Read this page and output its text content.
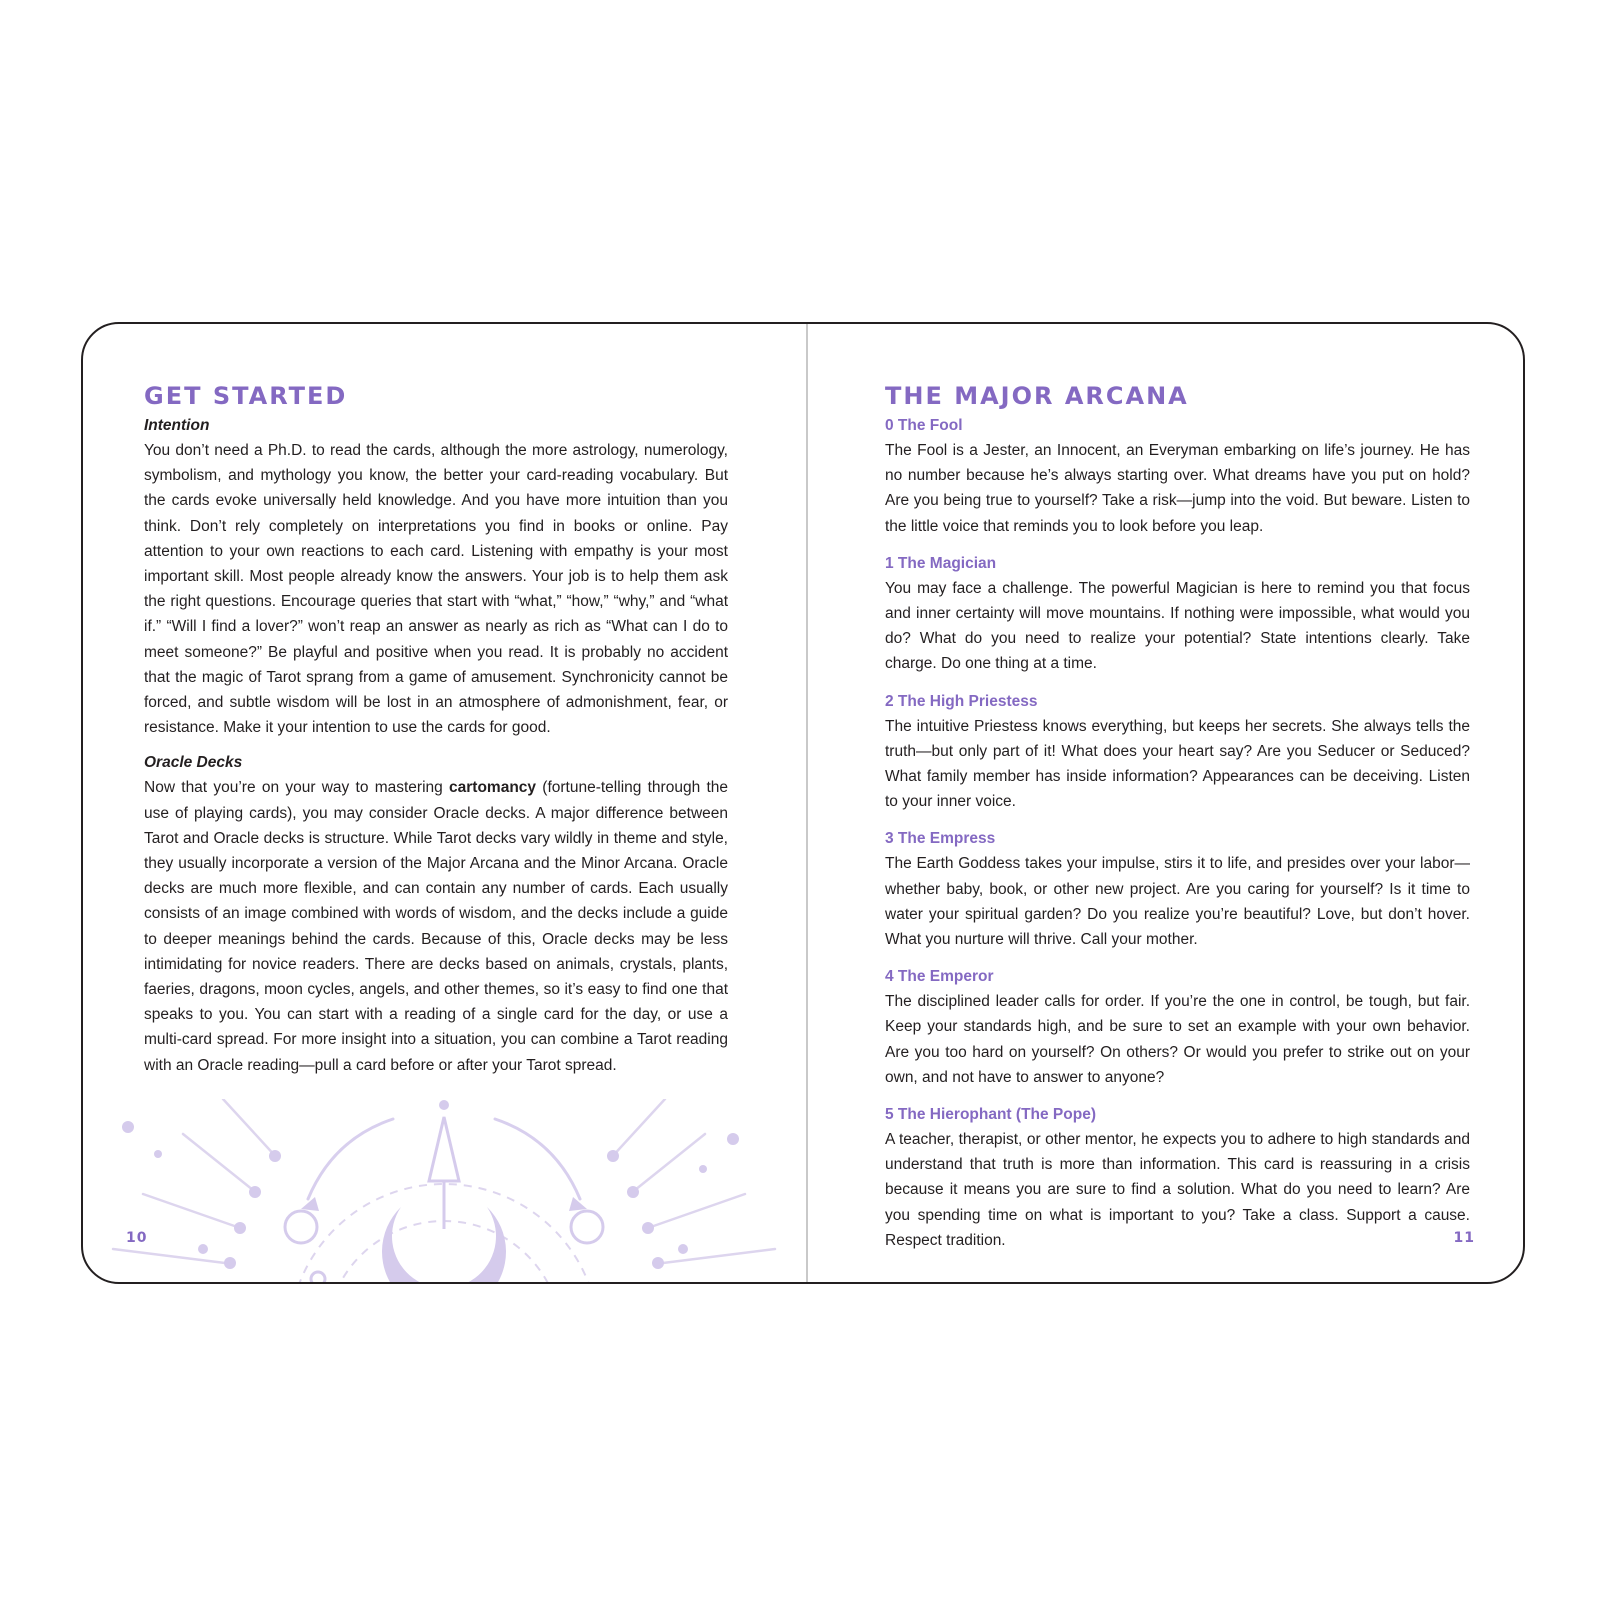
GET STARTED

Intention

You don’t need a Ph.D. to read the cards, although the more astrology, numerology, symbolism, and mythology you know, the better your card-reading vocabulary. But the cards evoke universally held knowledge. And you have more intuition than you think. Don’t rely completely on interpretations you find in books or online. Pay attention to your own reactions to each card. Listening with empathy is your most important skill. Most people already know the answers. Your job is to help them ask the right questions. Encourage queries that start with “what,” “how,” “why,” and “what if.” “Will I find a lover?” won’t reap an answer as nearly as rich as “What can I do to meet someone?” Be playful and positive when you read. It is probably no accident that the magic of Tarot sprang from a game of amusement. Synchronicity cannot be forced, and subtle wisdom will be lost in an atmosphere of admonishment, fear, or resistance. Make it your intention to use the cards for good.

Oracle Decks

Now that you’re on your way to mastering cartomancy (fortune-telling through the use of playing cards), you may consider Oracle decks. A major difference between Tarot and Oracle decks is structure. While Tarot decks vary wildly in theme and style, they usually incorporate a version of the Major Arcana and the Minor Arcana. Oracle decks are much more flexible, and can contain any number of cards. Each usually consists of an image combined with words of wisdom, and the decks include a guide to deeper meanings behind the cards. Because of this, Oracle decks may be less intimidating for novice readers. There are decks based on animals, crystals, plants, faeries, dragons, moon cycles, angels, and other themes, so it’s easy to find one that speaks to you. You can start with a reading of a single card for the day, or use a multi-card spread. For more insight into a situation, you can combine a Tarot reading with an Oracle reading—pull a card before or after your Tarot spread.

10
THE MAJOR ARCANA

0 The Fool

The Fool is a Jester, an Innocent, an Everyman embarking on life’s journey. He has no number because he’s always starting over. What dreams have you put on hold? Are you being true to yourself? Take a risk—jump into the void. But beware. Listen to the little voice that reminds you to look before you leap.

1 The Magician

You may face a challenge. The powerful Magician is here to remind you that focus and inner certainty will move mountains. If nothing were impossible, what would you do? What do you need to realize your potential? State intentions clearly. Take charge. Do one thing at a time.

2 The High Priestess

The intuitive Priestess knows everything, but keeps her secrets. She always tells the truth—but only part of it! What does your heart say? Are you Seducer or Seduced? What family member has inside information? Appearances can be deceiving. Listen to your inner voice.

3 The Empress

The Earth Goddess takes your impulse, stirs it to life, and presides over your labor—whether baby, book, or other new project. Are you caring for yourself? Is it time to water your spiritual garden? Do you realize you’re beautiful? Love, but don’t hover. What you nurture will thrive. Call your mother.

4 The Emperor

The disciplined leader calls for order. If you’re the one in control, be tough, but fair. Keep your standards high, and be sure to set an example with your own behavior. Are you too hard on yourself? On others? Or would you prefer to strike out on your own, and not have to answer to anyone?

5 The Hierophant (The Pope)

A teacher, therapist, or other mentor, he expects you to adhere to high standards and understand that truth is more than information. This card is reassuring in a crisis because it means you are sure to find a solution. What do you need to learn? Are you spending time on what is important to you? Take a class. Support a cause. Respect tradition.	11
